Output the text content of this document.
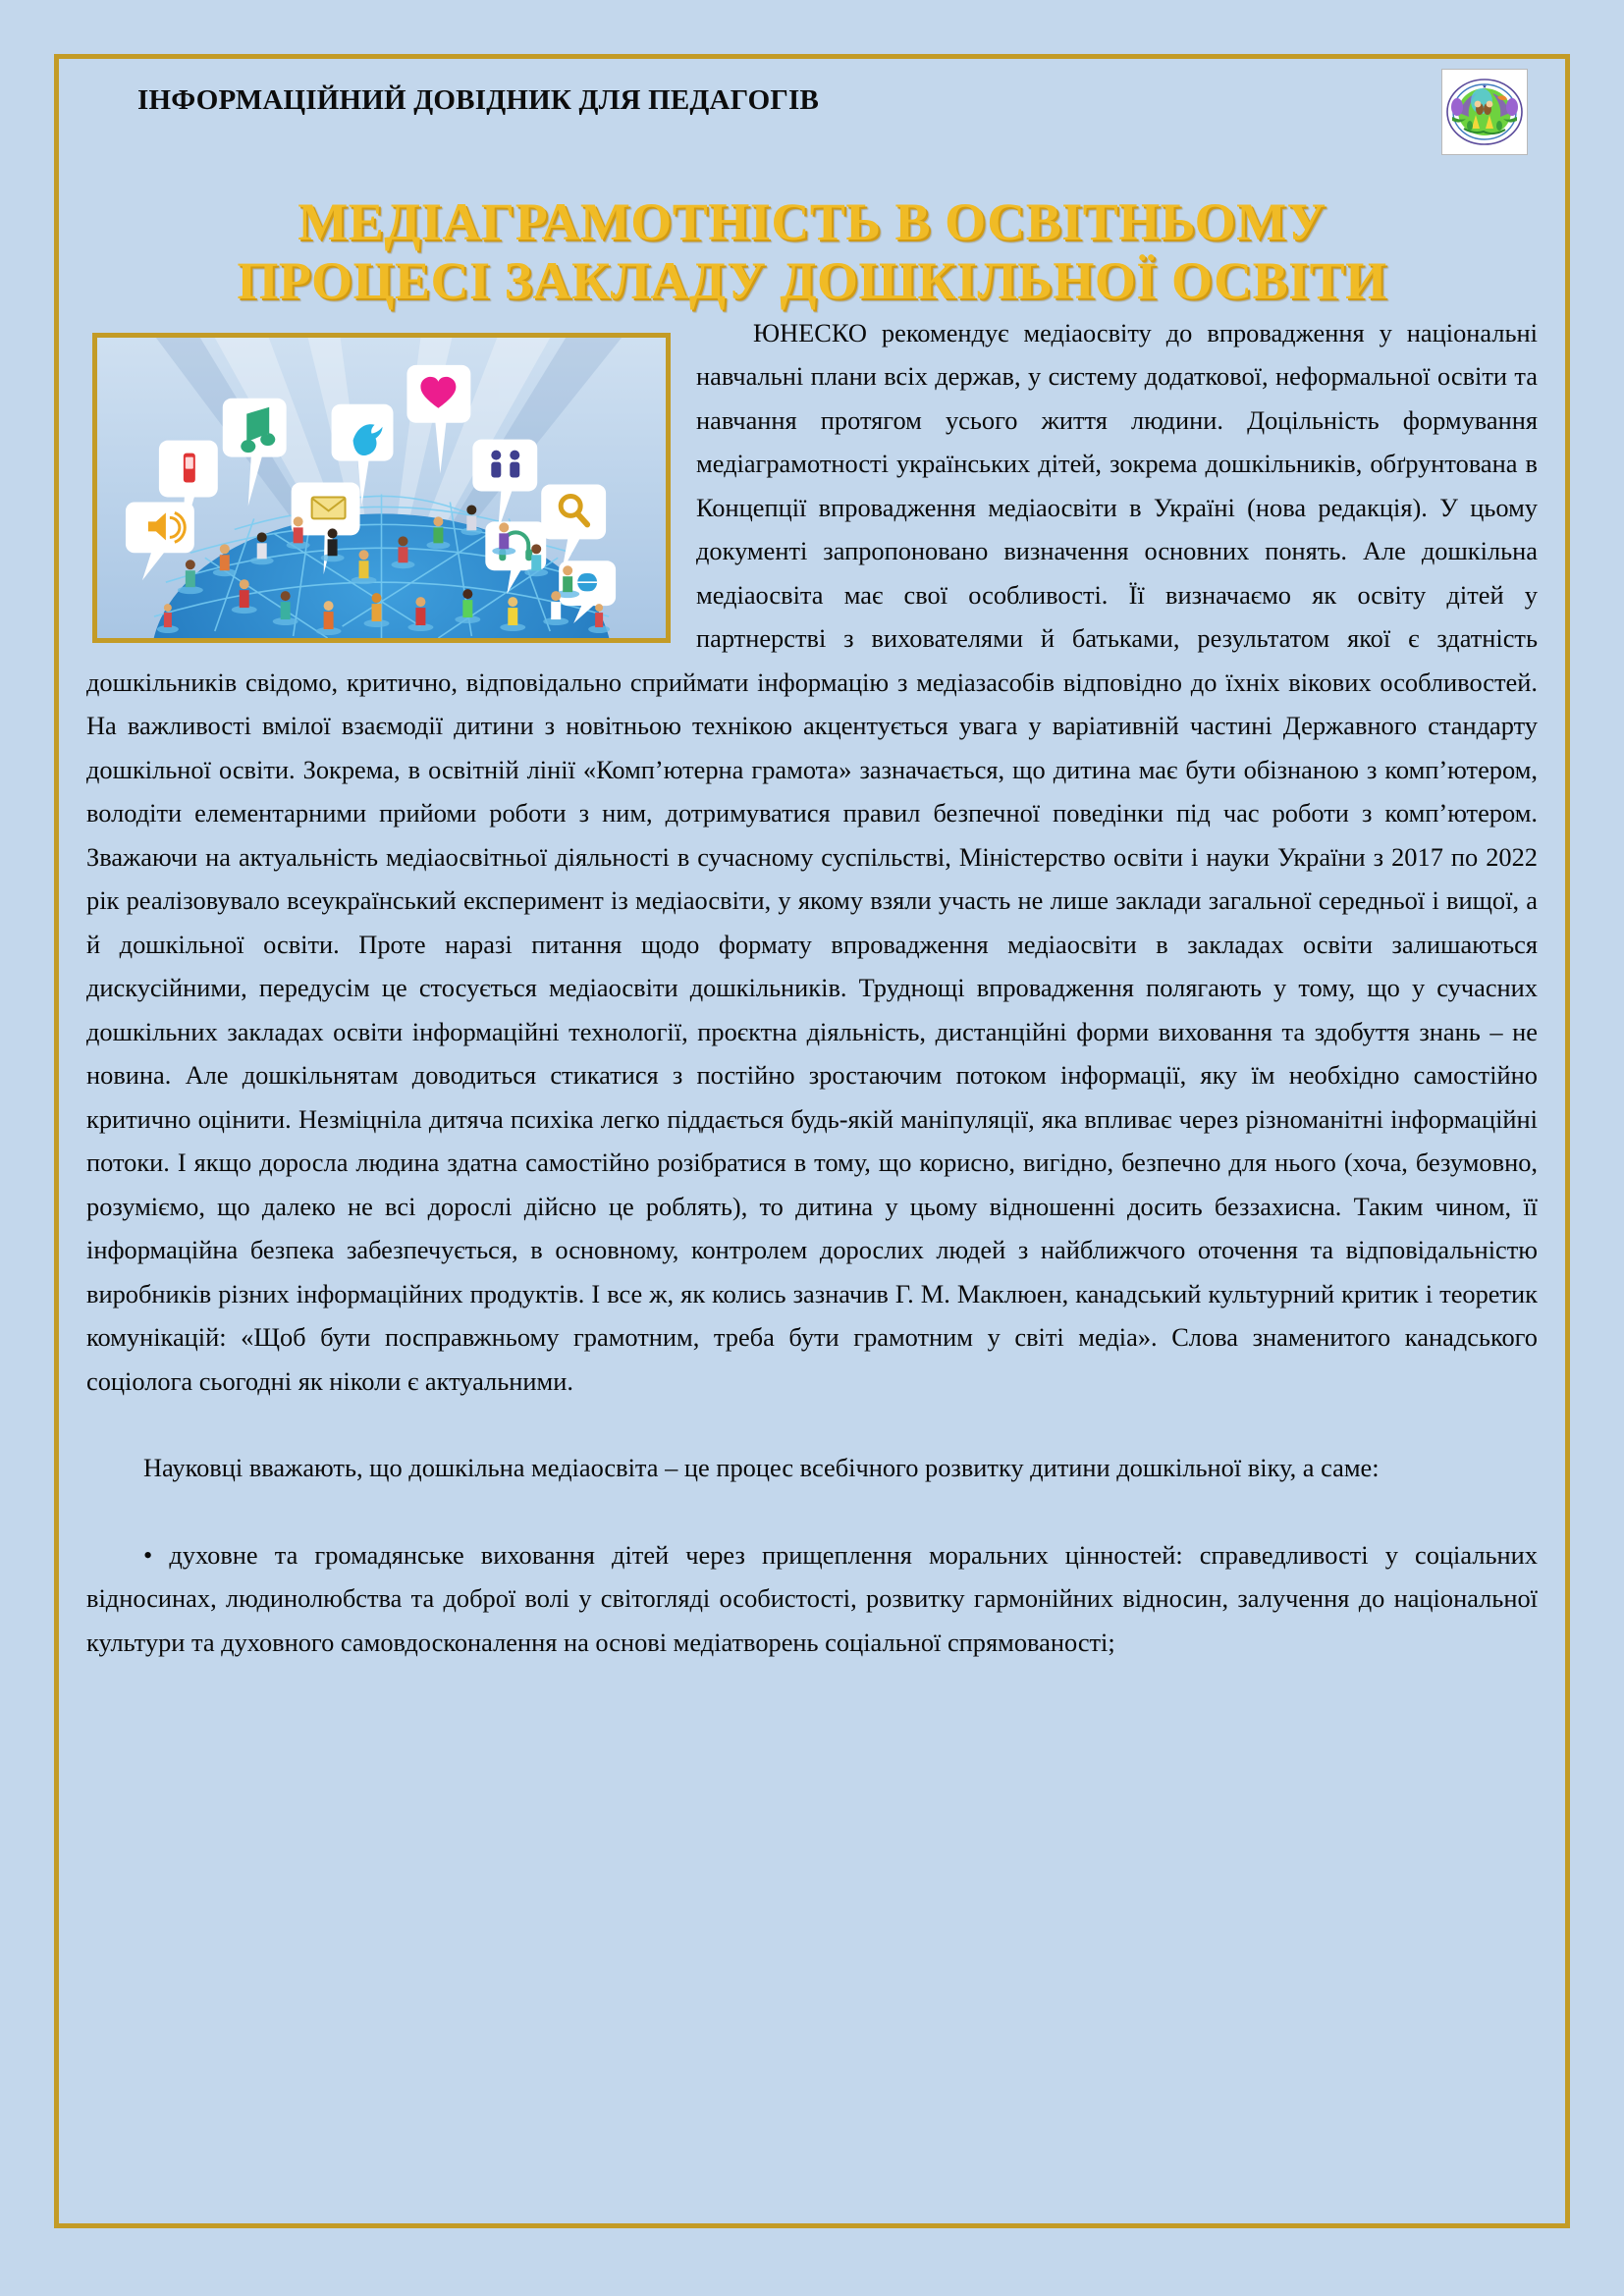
ІНФОРМАЦІЙНИЙ ДОВІДНИК ДЛЯ ПЕДАГОГІВ	★
МЕДІАГРАМОТНІСТЬ В ОСВІТНЬОМУ
ПРОЦЕСІ ЗАКЛАДУ ДОШКІЛЬНОЇ ОСВІТИ

ЮНЕСКО рекомендує медіаосвіту до впровадження у національні навчальні плани всіх держав, у систему додаткової, неформальної освіти та навчання протягом усього життя людини. Доцільність формування медіаграмотності українських дітей, зокрема дошкільників, обґрунтована в Концепції впровадження медіаосвіти в Україні (нова редакція). У цьому документі запропоновано визначення основних понять. Але дошкільна медіаосвіта має свої особливості. Її визначаємо як освіту дітей у партнерстві з вихователями й батьками, результатом якої є здатність дошкільників свідомо, критично, відповідально сприймати інформацію з медіазасобів відповідно до їхніх вікових особливостей. На важливості вмілої взаємодії дитини з новітньою технікою акцентується увага у варіативній частині Державного стандарту дошкільної освіти. Зокрема, в освітній лінії «Комп’ютерна грамота» зазначається, що дитина має бути обізнаною з комп’ютером, володіти елементарними прийоми роботи з ним, дотримуватися правил безпечної поведінки під час роботи з комп’ютером. Зважаючи на актуальність медіаосвітньої діяльності в сучасному суспільстві, Міністерство освіти і науки України з 2017 по 2022 рік реалізовувало всеукраїнський експеримент із медіаосвіти, у якому взяли участь не лише заклади загальної середньої і вищої, а й дошкільної освіти. Проте наразі питання щодо формату впровадження медіаосвіти в закладах освіти залишаються дискусійними, передусім це стосується медіаосвіти дошкільників. Труднощі впровадження полягають у тому, що у сучасних дошкільних закладах освіти інформаційні технології, проєктна діяльність, дистанційні форми виховання та здобуття знань – не новина. Але дошкільнятам доводиться стикатися з постійно зростаючим потоком інформації, яку їм необхідно самостійно критично оцінити. Незміцніла дитяча психіка легко піддається будь-якій маніпуляції, яка впливає через різноманітні інформаційні потоки. І якщо доросла людина здатна самостійно розібратися в тому, що корисно, вигідно, безпечно для нього (хоча, безумовно, розуміємо, що далеко не всі дорослі дійсно це роблять), то дитина у цьому відношенні досить беззахисна. Таким чином, її інформаційна безпека забезпечується, в основному, контролем дорослих людей з найближчого оточення та відповідальністю виробників різних інформаційних продуктів. І все ж, як колись зазначив Г. М. Маклюен, канадський культурний критик і теоретик комунікацій: «Щоб бути посправжньому грамотним, треба бути грамотним у світі медіа». Слова знаменитого канадського соціолога сьогодні як ніколи є актуальними.

Науковці вважають, що дошкільна медіаосвіта – це процес всебічного розвитку дитини дошкільної віку, а саме:

• духовне та громадянське виховання дітей через прищеплення моральних цінностей: справедливості у соціальних відносинах, людинолюбства та доброї волі у світогляді особистості, розвитку гармонійних відносин, залучення до національної культури та духовного самовдосконалення на основі медіатворень соціальної спрямованості;
